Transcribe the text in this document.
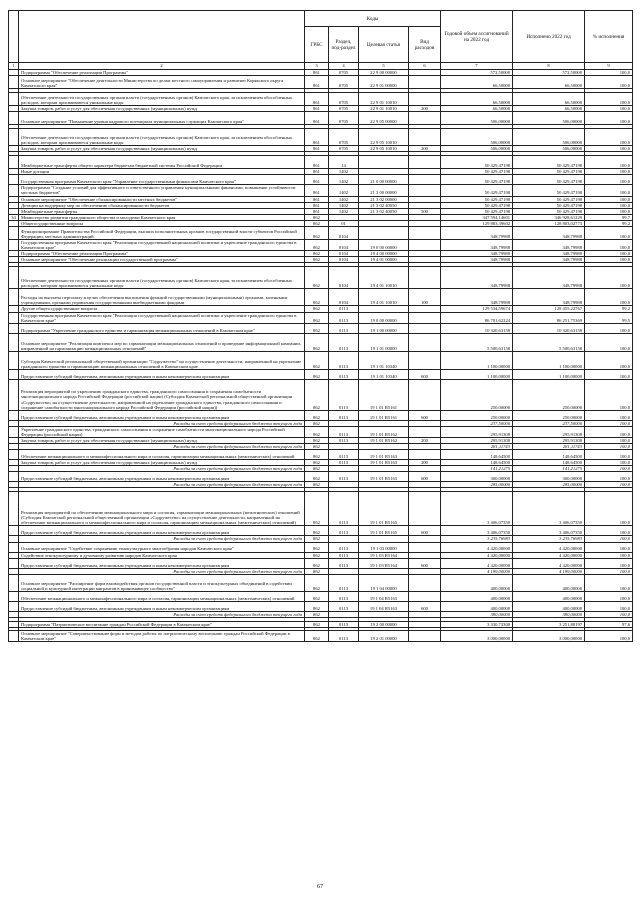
		Коды				Годовой объем ассигнований на 2022 год	Исполнено 2022 год	% исполнения
		ГРБС	Раздел, под-раздел	Целевая статья	Вид расходов			
1	2	3	4	5	6	7	8	9
	Подпрограмма "Обеспечение реализации Программы"	861	0705	22 9 00 00000		572,50000	572,50000	100,0
	Основное мероприятие "Обеспечение деятельности Министерства по делам местного самоуправления и развитию Корякского округа Камчатского края"	861	0705	22 9 01 00000		66,50000	66,50000	100,0

	Обеспечение деятельности государственных органов власти (государственных органов) Камчатского края, за исключением обособленных расходов, которым присваиваются уникальные коды	861	0705	22 9 01 10010		66,50000	66,50000	100,0
	Закупка товаров, работ и услуг для обеспечения государственных (муниципальных) нужд	861	0705	22 9 01 10010	200	66,50000	66,50000	100,0
	Основное мероприятие "Повышение уровня кадрового потенциала муниципальных служащих Камчатского края"	861	0705	22 9 05 00000		506,00000	506,00000	100,0

	Обеспечение деятельности государственных органов власти (государственных органов) Камчатского края, за исключением обособленных расходов, которым присваиваются уникальные коды	861	0705	22 9 05 10010		506,00000	506,00000	100,0
	Закупка товаров, работ и услуг для обеспечения государственных (муниципальных) нужд	861	0705	22 9 05 10010	200	506,00000	506,00000	100,0

	Межбюджетные трансферты общего характера бюджетам бюджетной системы Российской Федерации	861	14			50 429,47198	50 429,47198	100,0
	Иные дотации	861	1402			50 429,47198	50 429,47198	100,0
	Государственная программа Камчатского края "Управление государственными финансами Камчатского края"	861	1402	21 0 00 00000		50 429,47198	50 429,47198	100,0
	Подпрограмма "Создание условий для эффективного и ответственного управления муниципальными финансами, повышение устойчивости местных бюджетов"	861	1402	21 3 00 00000		50 429,47198	50 429,47198	100,0
	Основное мероприятие "Обеспечение сбалансированности местных бюджетов"	861	1402	21 3 02 00000		50 429,47198	50 429,47198	100,0
	Дотации на поддержку мер по обеспечению сбалансированности бюджетов	861	1402	21 3 02 40050		50 429,47198	50 429,47198	100,0
	Межбюджетные трансферты	861	1402	21 3 02 40050	500	50 429,47198	50 429,47198	100,0
34	Министерство развития гражданского общества и молодежи Камчатского края	862				347 594,14601	346 928,61229	99,7
	Общегосударственные вопросы	862	01			129 883,39602	128 803,02773	99,2
	Функционирование Правительства Российской Федерации, высших исполнительных органов государственной власти субъектов Российской Федерации, местных администраций	862	0104			348,79988	348,79988	100,0
	Государственная программа Камчатского края "Реализация государственной национальной политики и укрепление гражданского единства в Камчатском крае"	862	0104	19 0 00 00000		348,79988	348,79988	100,0
	Подпрограмма "Обеспечение реализации Программы"	862	0104	19 4 00 00000		348,79988	348,79988	100,0
	Основное мероприятие "Обеспечение реализации государственной программы"	862	0104	19 4 01 00000		348,79988	348,79988	100,0

	Обеспечение деятельности государственных органов власти (государственных органов) Камчатского края, за исключением обособленных расходов, которым присваиваются уникальные коды	862	0104	19 4 01 10010		348,79988	348,79988	100,0
	Расходы на выплаты персоналу в целях обеспечения выполнения функций государственными (муниципальными) органами, казенными учреждениями, органами управления государственными внебюджетными фондами	862	0104	19 4 01 10010	100	348,79988	348,79988	100,0
	Другие общегосударственные вопросы	862	0113			129 534,59674	128 455,22767	99,2
	Государственная программа Камчатского края "Реализация государственной национальной политики и укрепление гражданского единства в Камчатском крае"	862	0113	19 0 00 00000		86 701,62224	86 251,75369	99,5
	Подпрограмма "Укрепление гражданского единства и гармонизация межнациональных отношений в Камчатском крае"	862	0113	19 1 00 00000		10 320,63158	10 320,63158	100,0
	Основное мероприятие "Реализация комплекса мер по гармонизации межнациональных отношений и проведение информационной кампании, направленной на гармонизацию межнациональных отношений"	862	0113	19 1 01 00000		5 500,63158	5 500,63158	100,0
	Субсидия Камчатской региональной общественной организации "Содружество" на осуществление деятельности, направленной на укрепление гражданского единства и гармонизацию межнациональных отношений в Камчатском крае	862	0113	19 1 01 10340		1 100,00000	1 100,00000	100,0
	Предоставление субсидий бюджетным, автономным учреждениям и иным некоммерческим организациям	862	0113	19 1 01 10340	600	1 100,00000	1 100,00000	100,0
	Реализация мероприятий по укреплению гражданского единства, гражданского самосознания и сохранения самобытности многонационального народа Российской Федерации (российской нации) (Субсидия Камчатской региональной общественной организации «Содружество» на осуществление деятельности, направленной на укрепление гражданского единства, гражданского самосознания и сохранение самобытности многонационального народа Российской Федерации (российской нации))	862	0113	19 1 01 R5161		250,00000	250,00000	100,0
	Предоставление субсидий бюджетным, автономным учреждениям и иным некоммерческим организациям	862	0113	19 1 01 R5161	600	250,00000	250,00000	100,0
	Расходы за счет средств федерального бюджета текущего года	862				237,50000	237,50000	100,0
	Укрепление гражданского единства, гражданского самосознания и сохранение самобытности многонационального народа Российской Федерации (российской нации)	862	0113	19 1 01 R5162		295,91308	295,91308	100,0
	Закупка товаров, работ и услуг для обеспечения государственных (муниципальных) нужд	862	0113	19 1 01 R5162	200	295,91308	295,91308	100,0
	Расходы за счет средств федерального бюджета текущего года	862				281,11743	281,11743	100,0
	Обеспечение межнационального и межконфессионального мира и согласия, гармонизации межнациональных (межэтнических) отношений	862	0113	19 1 01 R5163		148,64500	148,64500	100,0
	Закупка товаров, работ и услуг для обеспечения государственных (муниципальных) нужд	862	0113	19 1 01 R5163	200	148,64500	148,64500	100,0
	Расходы за счет средств федерального бюджета текущего года	862				141,21275	141,21275	100,0
	Предоставление субсидий бюджетным, автономным учреждениям и иным некоммерческим организациям	862	0113	19 1 01 R5163	600	300,00000	300,00000	100,0
	Расходы за счет средств федерального бюджета текущего года	862				285,00000	285,00000	100,0

	Реализация мероприятий по обеспечению межнационального мира и согласия, гармонизации межнациональных (межэтнических) отношений (Субсидия Камчатской региональной общественной организации «Содружество» на осуществление деятельности, направленной на обеспечение межнационального и межконфессионального мира и согласия, гармонизацию межнациональных (межэтнических) отношений)	862	0113	19 1 01 R5165		3 406,07350	3 406,07350	100,0
	Предоставление субсидий бюджетным, автономным учреждениям и иным некоммерческим организациям	862	0113	19 1 01 R5165	600	3 406,07350	3 406,07350	100,0
	Расходы за счет средств федерального бюджета текущего года	862				3 235,76983	3 235,76983	100,0
	Основное мероприятие "Содействие сохранению этнокультурного многообразия народов Камчатского края"	862	0113	19 1 03 00000		4 420,00000	4 420,00000	100,0
	Содействие этнокультурному и духовному развитию народов Камчатского края	862	0113	19 1 03 R5164		4 420,00000	4 420,00000	100,0
	Предоставление субсидий бюджетным, автономным учреждениям и иным некоммерческим организациям	862	0113	19 1 03 R5164	600	4 420,00000	4 420,00000	100,0
	Расходы за счет средств федерального бюджета текущего года	862				4 199,00000	4 199,00000	100,0
	Основное мероприятие "Расширение форм взаимодействия органов государственной власти и этнокультурных объединений в содействии социальной и культурной интеграции мигрантов в принимающее сообщество"	862	0113	19 1 04 00000		400,00000	400,00000	100,0
	Обеспечение межнационального и межконфессионального мира и согласия, гармонизации межнациональных (межэтнических) отношений	862	0113	19 1 04 R5163		400,00000	400,00000	100,0
	Предоставление субсидий бюджетным, автономным учреждениям и иным некоммерческим организациям	862	0113	19 1 04 R5163	600	400,00000	400,00000	100,0
	Расходы за счет средств федерального бюджета текущего года	862				380,00000	380,00000	100,0

	Подпрограмма "Патриотическое воспитание граждан Российской Федерации в Камчатском крае"	862	0113	19 2 00 00000		3 330,73300	3 251,80197	97,6

	Основное мероприятие "Совершенствование форм и методов работы по патриотическому воспитанию граждан Российской Федерации в Камчатском крае"	862	0113	19 2 01 00000		3 000,00000	3 000,00000	100,0
67
